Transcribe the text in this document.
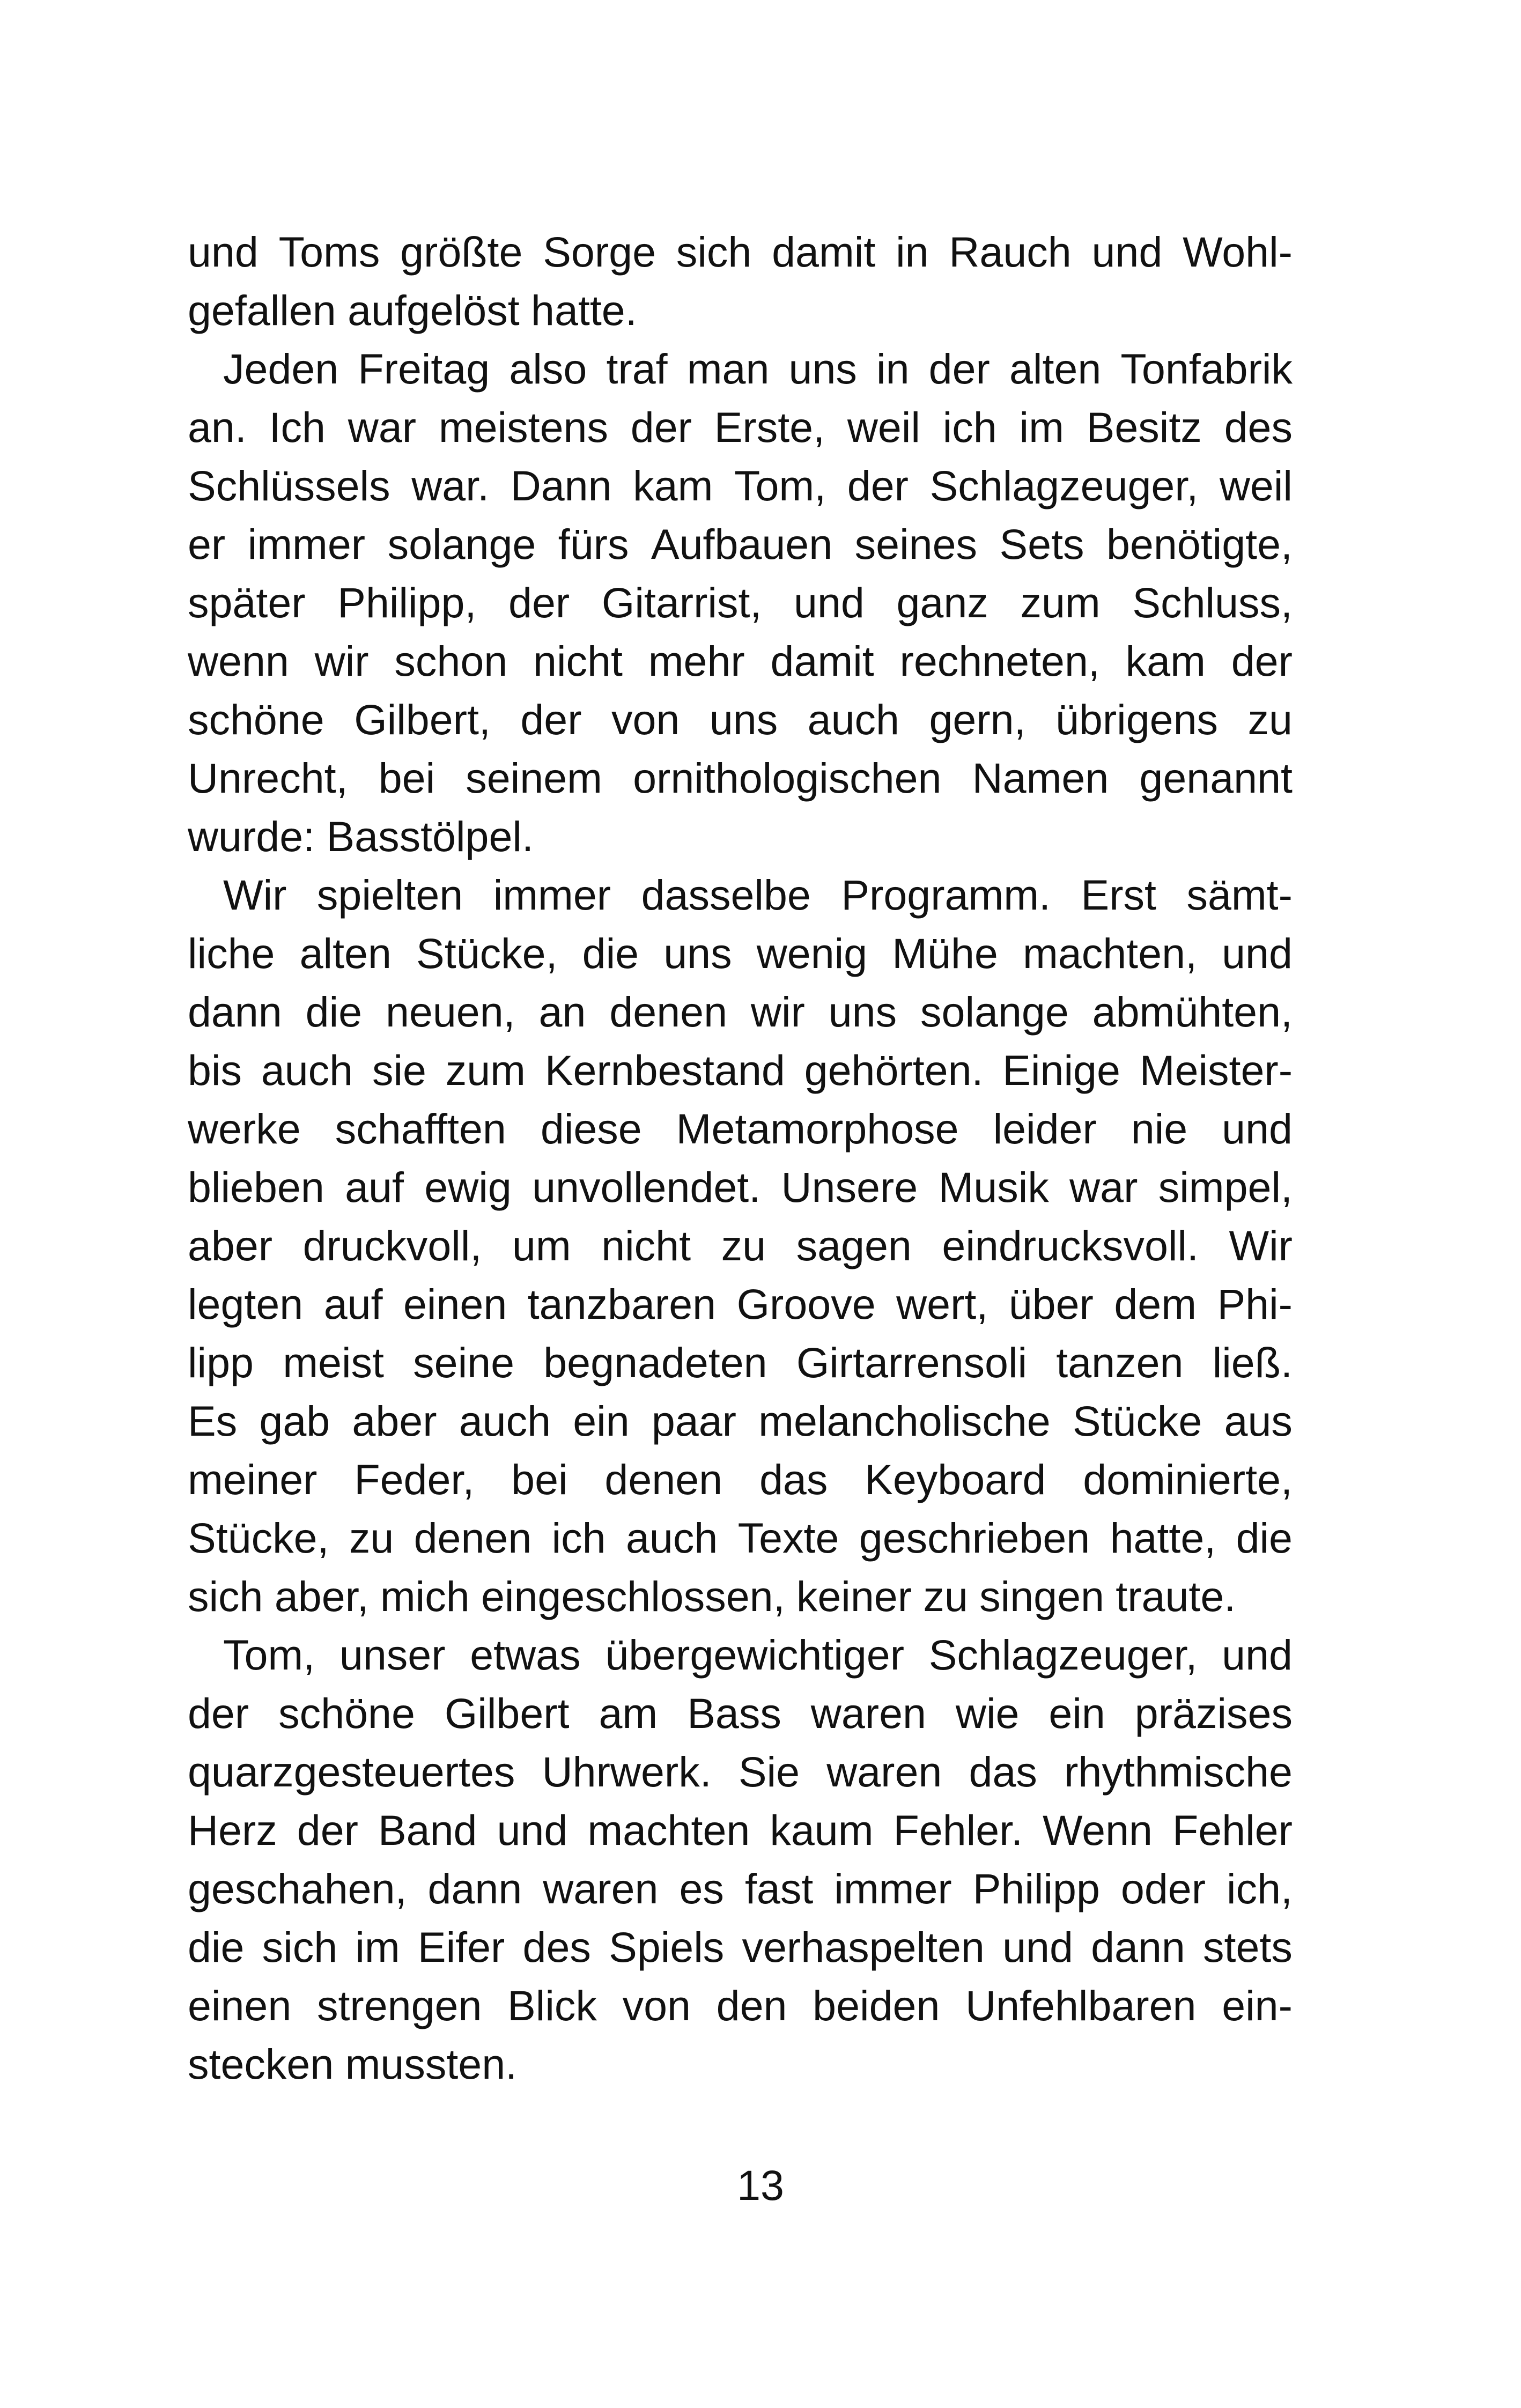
und Toms größte Sorge sich damit in Rauch und Wohl-
gefallen aufgelöst hatte.
Jeden Freitag also traf man uns in der alten Tonfabrik
an. Ich war meistens der Erste, weil ich im Besitz des
Schlüssels war. Dann kam Tom, der Schlagzeuger, weil
er immer solange fürs Aufbauen seines Sets benötigte,
später Philipp, der Gitarrist, und ganz zum Schluss,
wenn wir schon nicht mehr damit rechneten, kam der
schöne Gilbert, der von uns auch gern, übrigens zu
Unrecht, bei seinem ornithologischen Namen genannt
wurde: Basstölpel.
Wir spielten immer dasselbe Programm. Erst sämt-
liche alten Stücke, die uns wenig Mühe machten, und
dann die neuen, an denen wir uns solange abmühten,
bis auch sie zum Kernbestand gehörten. Einige Meister-
werke schafften diese Metamorphose leider nie und
blieben auf ewig unvollendet. Unsere Musik war simpel,
aber druckvoll, um nicht zu sagen eindrucksvoll. Wir
legten auf einen tanzbaren Groove wert, über dem Phi-
lipp meist seine begnadeten Girtarrensoli tanzen ließ.
Es gab aber auch ein paar melancholische Stücke aus
meiner Feder, bei denen das Keyboard dominierte,
Stücke, zu denen ich auch Texte geschrieben hatte, die
sich aber, mich eingeschlossen, keiner zu singen traute.
Tom, unser etwas übergewichtiger Schlagzeuger, und
der schöne Gilbert am Bass waren wie ein präzises
quarzgesteuertes Uhrwerk. Sie waren das rhythmische
Herz der Band und machten kaum Fehler. Wenn Fehler
geschahen, dann waren es fast immer Philipp oder ich,
die sich im Eifer des Spiels verhaspelten und dann stets
einen strengen Blick von den beiden Unfehlbaren ein-
stecken mussten.
13
